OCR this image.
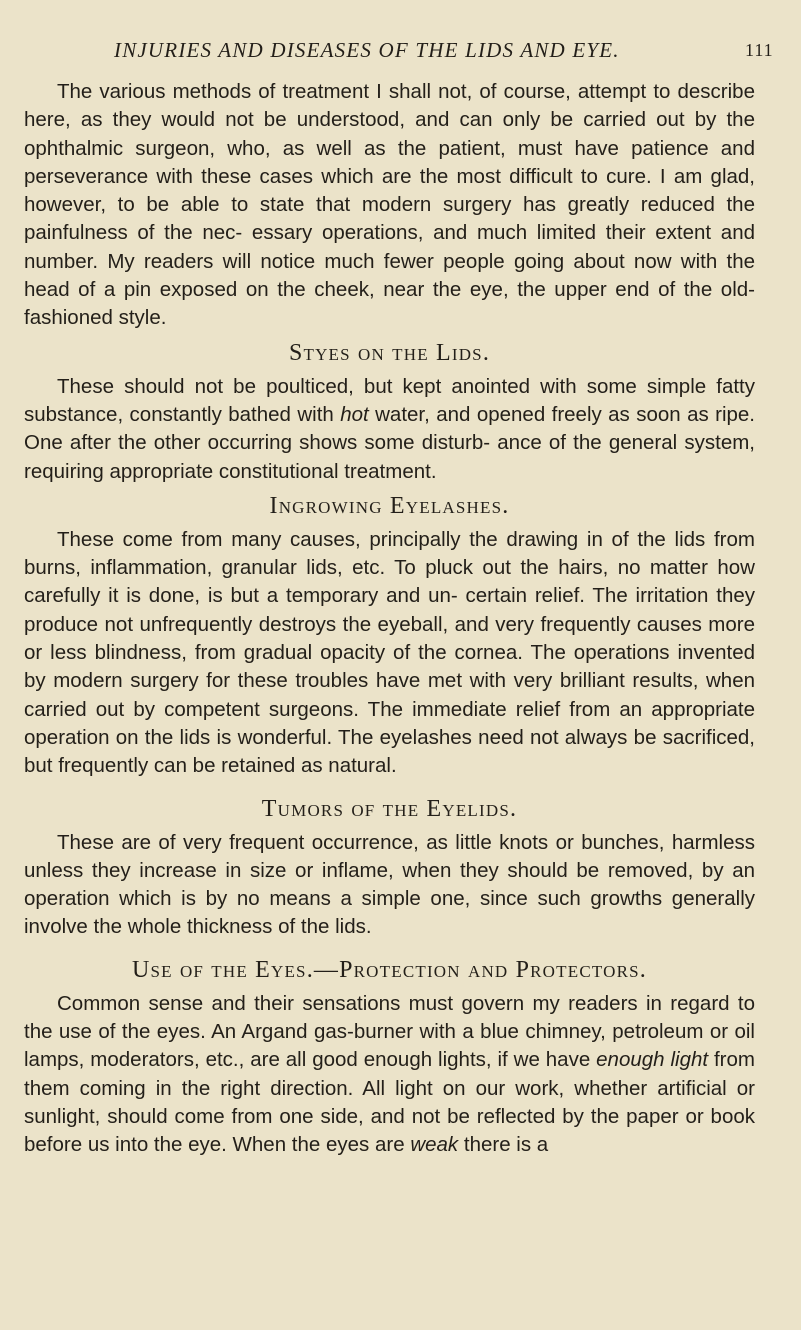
INJURIES AND DISEASES OF THE LIDS AND EYE.	111

The various methods of treatment I shall not, of course, attempt to describe here, as they would not be understood, and can only be carried out by the ophthalmic surgeon, who, as well as the patient, must have patience and perseverance with these cases which are the most difficult to cure. I am glad, however, to be able to state that modern surgery has greatly reduced the painfulness of the nec- essary operations, and much limited their extent and number. My readers will notice much fewer people going about now with the head of a pin exposed on the cheek, near the eye, the upper end of the old-fashioned style.

Styes on the Lids.

These should not be poulticed, but kept anointed with some simple fatty substance, constantly bathed with hot water, and opened freely as soon as ripe. One after the other occurring shows some disturb- ance of the general system, requiring appropriate constitutional treatment.

Ingrowing Eyelashes.

These come from many causes, principally the drawing in of the lids from burns, inflammation, granular lids, etc. To pluck out the hairs, no matter how carefully it is done, is but a temporary and un- certain relief. The irritation they produce not unfrequently destroys the eyeball, and very frequently causes more or less blindness, from gradual opacity of the cornea. The operations invented by modern surgery for these troubles have met with very brilliant results, when carried out by competent surgeons. The immediate relief from an appropriate operation on the lids is wonderful. The eyelashes need not always be sacrificed, but frequently can be retained as natural.

Tumors of the Eyelids.

These are of very frequent occurrence, as little knots or bunches, harmless unless they increase in size or inflame, when they should be removed, by an operation which is by no means a simple one, since such growths generally involve the whole thickness of the lids.

Use of the Eyes.—Protection and Protectors.

Common sense and their sensations must govern my readers in regard to the use of the eyes. An Argand gas-burner with a blue chimney, petroleum or oil lamps, moderators, etc., are all good enough lights, if we have enough light from them coming in the right direction. All light on our work, whether artificial or sunlight, should come from one side, and not be reflected by the paper or book before us into the eye. When the eyes are weak there is a
